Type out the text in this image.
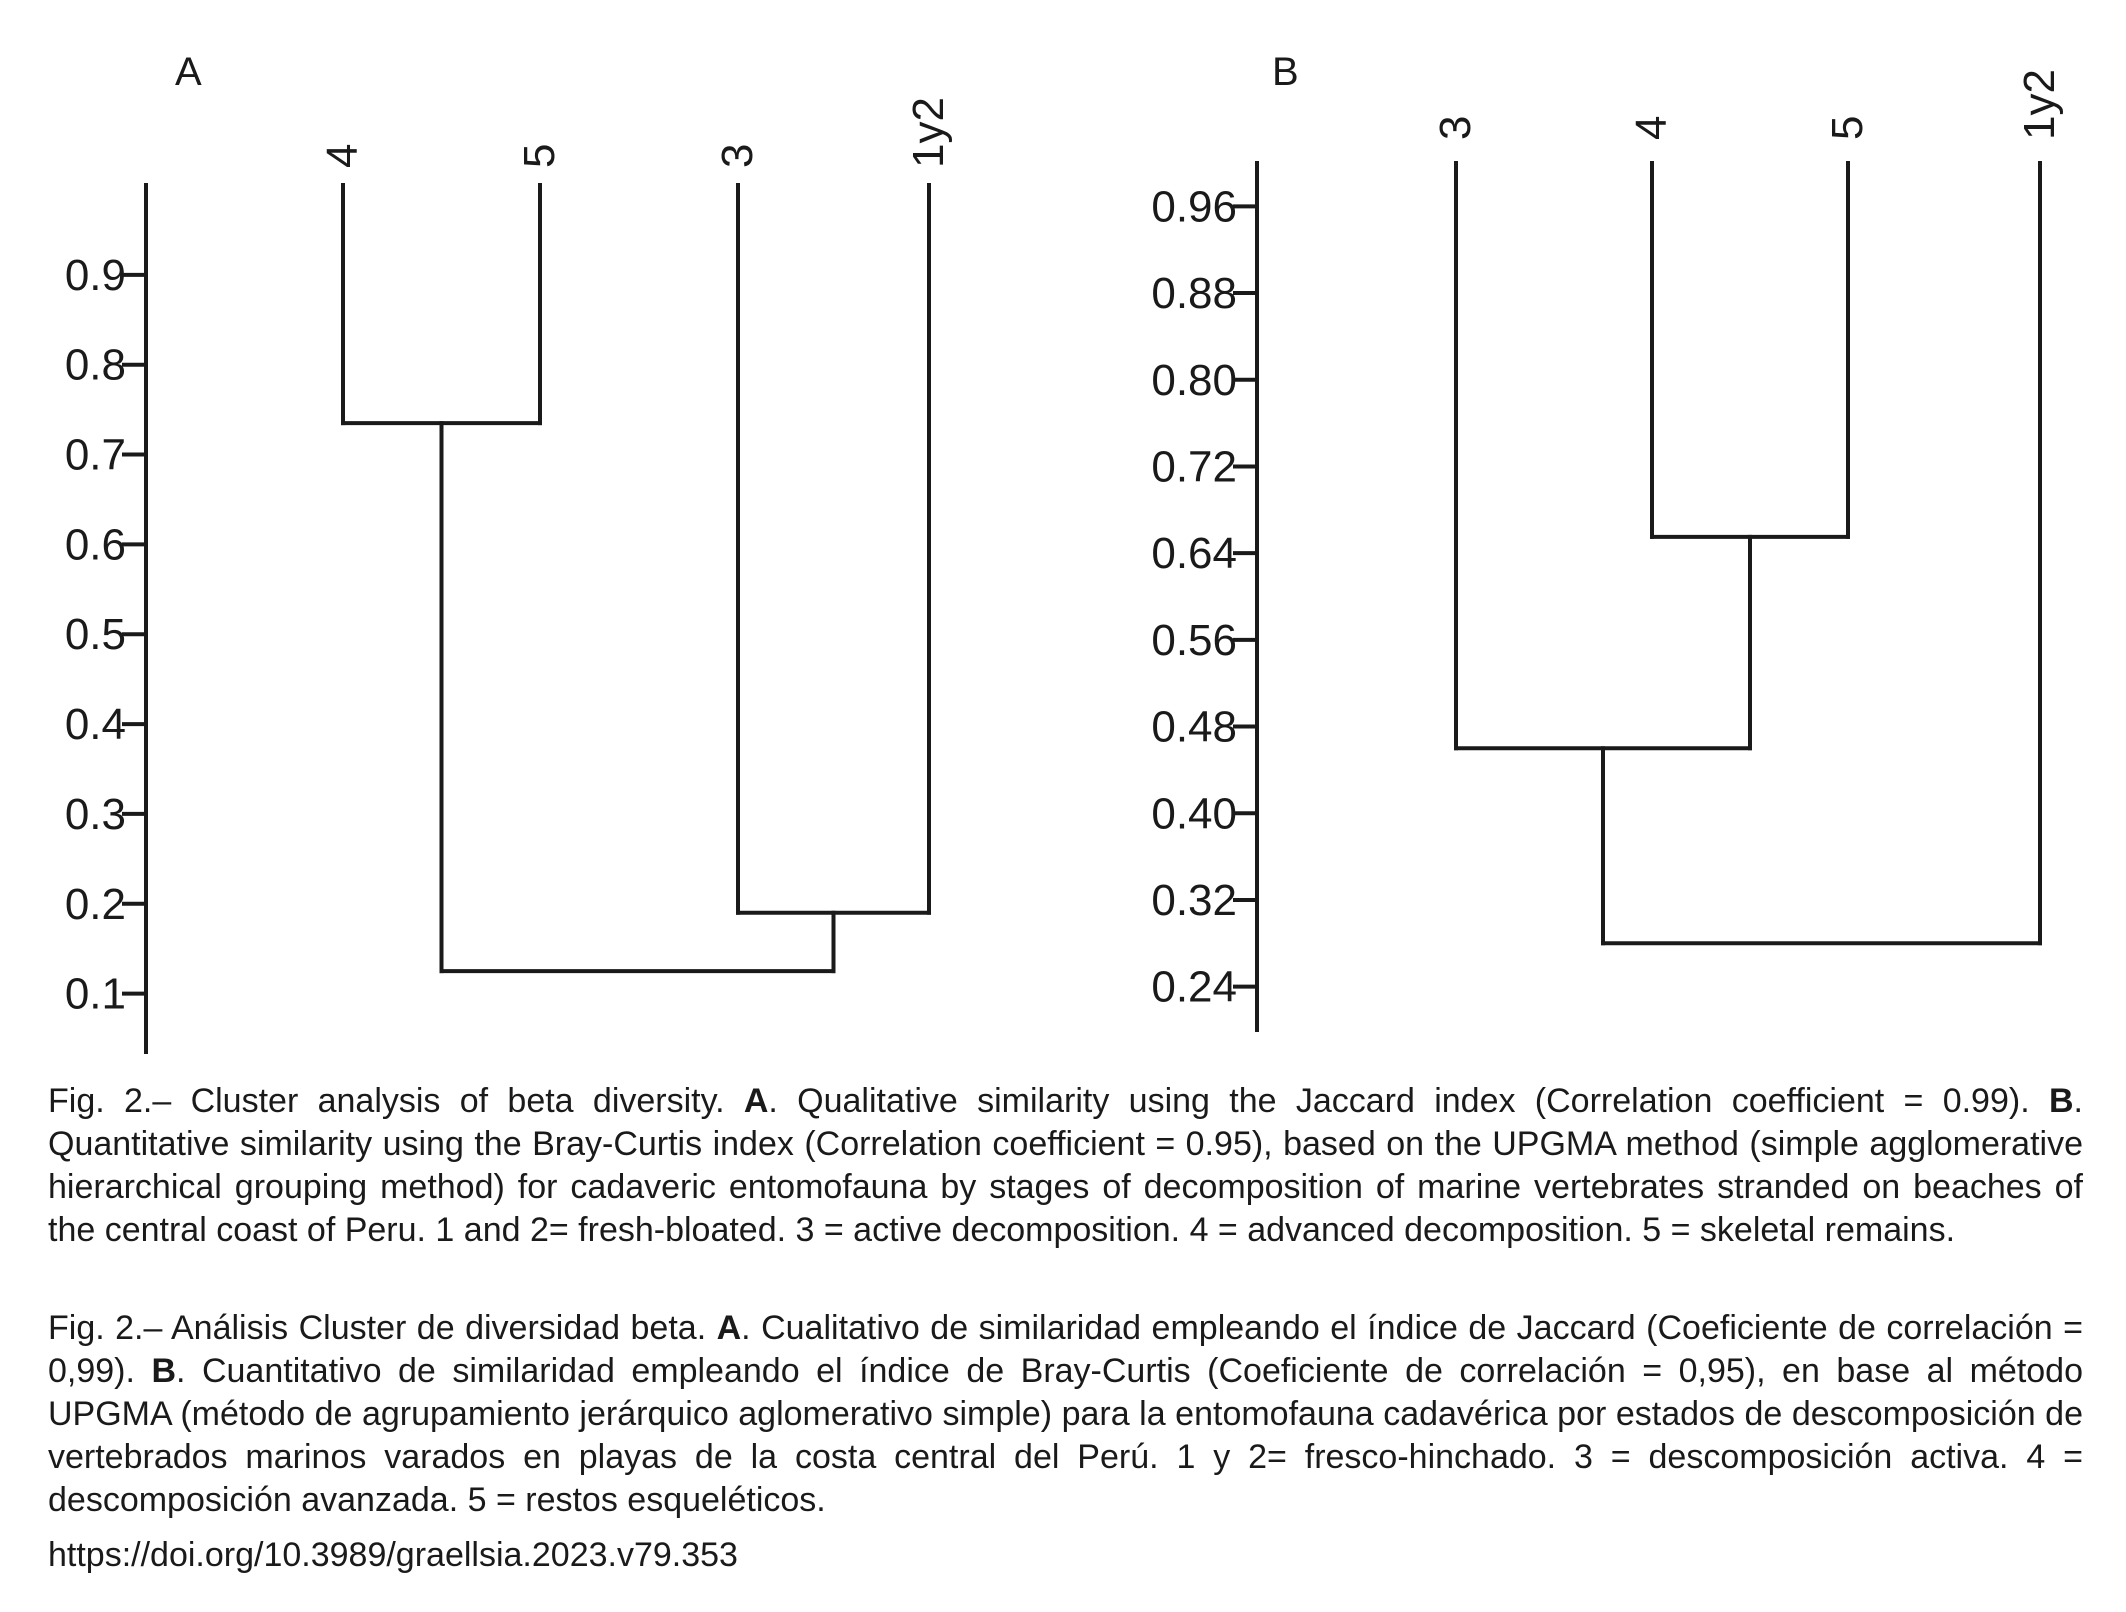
A
0.9
0.8
0.7
0.6
0.5
0.4
0.3
0.2
0.1
4	5	3	1y2
B
0.96
0.88
0.80
0.72
0.64
0.56
0.48
0.40
0.32
0.24
3	4	5	1y2

Fig. 2.– Cluster analysis of beta diversity. A. Qualitative similarity using the Jaccard index (Correlation coefficient = 0.99). B. Quantitative similarity using the Bray-Curtis index (Correlation coefficient = 0.95), based on the UPGMA method (simple agglomerative hierarchical grouping method) for cadaveric entomofauna by stages of decomposition of marine vertebrates stranded on beaches of the central coast of Peru. 1 and 2= fresh-bloated. 3 = active decomposition. 4 = advanced decomposition. 5 = skeletal remains.

Fig. 2.– Análisis Cluster de diversidad beta. A. Cualitativo de similaridad empleando el índice de Jaccard (Coeficiente de correlación = 0,99). B. Cuantitativo de similaridad empleando el índice de Bray-Curtis (Coeficiente de correlación = 0,95), en base al método UPGMA (método de agrupamiento jerárquico aglomerativo simple) para la entomofauna cadavérica por estados de descomposición de vertebrados marinos varados en playas de la costa central del Perú. 1 y 2= fresco-hinchado. 3 = descomposición activa. 4 = descomposición avanzada. 5 = restos esqueléticos.

https://doi.org/10.3989/graellsia.2023.v79.353
